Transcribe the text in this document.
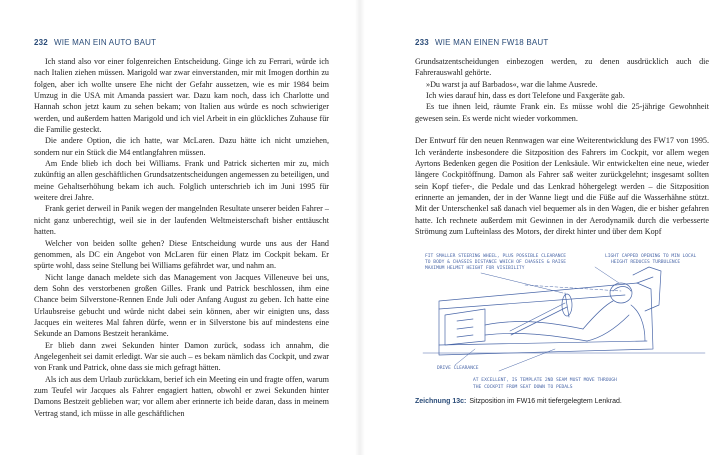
232 WIE MAN EIN AUTO BAUT

Ich stand also vor einer folgenreichen Entscheidung. Ginge ich zu Ferrari, würde ich nach Italien ziehen müssen. Marigold war zwar einverstanden, mir mit Imogen dorthin zu folgen, aber ich wollte unsere Ehe nicht der Gefahr aussetzen, wie es mir 1984 beim Umzug in die USA mit Amanda passiert war. Dazu kam noch, dass ich Charlotte und Hannah schon jetzt kaum zu sehen bekam; von Italien aus würde es noch schwieriger werden, und außerdem hatten Marigold und ich viel Arbeit in ein glückliches Zuhause für die Familie gesteckt.

Die andere Option, die ich hatte, war McLaren. Dazu hätte ich nicht umziehen, sondern nur ein Stück die M4 entlangfahren müssen.

Am Ende blieb ich doch bei Williams. Frank und Patrick sicherten mir zu, mich zukünftig an allen geschäftlichen Grundsatzentscheidungen angemessen zu beteiligen, und meine Gehaltserhöhung bekam ich auch. Folglich unterschrieb ich im Juni 1995 für weitere drei Jahre.

Frank geriet derweil in Panik wegen der mangelnden Resultate unserer beiden Fahrer – nicht ganz unberechtigt, weil sie in der laufenden Weltmeisterschaft bisher enttäuscht hatten.

Welcher von beiden sollte gehen? Diese Entscheidung wurde uns aus der Hand genommen, als DC ein Angebot von McLaren für einen Platz im Cockpit bekam. Er spürte wohl, dass seine Stellung bei Williams gefährdet war, und nahm an.

Nicht lange danach meldete sich das Management von Jacques Villeneuve bei uns, dem Sohn des verstorbenen großen Gilles. Frank und Patrick beschlossen, ihm eine Chance beim Silverstone-Rennen Ende Juli oder Anfang August zu geben. Ich hatte eine Urlaubsreise gebucht und würde nicht dabei sein können, aber wir einigten uns, dass Jacques ein weiteres Mal fahren dürfe, wenn er in Silverstone bis auf mindestens eine Sekunde an Damons Bestzeit herankäme.

Er blieb dann zwei Sekunden hinter Damon zurück, sodass ich annahm, die Angelegenheit sei damit erledigt. War sie auch – es bekam nämlich das Cockpit, und zwar von Frank und Patrick, ohne dass sie mich gefragt hätten.

Als ich aus dem Urlaub zurückkam, berief ich ein Meeting ein und fragte offen, warum zum Teufel wir Jacques als Fahrer engagiert hatten, obwohl er zwei Sekunden hinter Damons Bestzeit geblieben war; vor allem aber erinnerte ich beide daran, dass in meinem Vertrag stand, ich müsse in alle geschäftlichen

233 WIE MAN EINEN FW18 BAUT

Grundsatzentscheidungen einbezogen werden, zu denen ausdrücklich auch die Fahrerauswahl gehörte.

»Du warst ja auf Barbados«, war die lahme Ausrede.

Ich wies darauf hin, dass es dort Telefone und Faxgeräte gab.

Es tue ihnen leid, räumte Frank ein. Es müsse wohl die 25-jährige Gewohnheit gewesen sein. Es werde nicht wieder vorkommen.

Der Entwurf für den neuen Rennwagen war eine Weiterentwicklung des FW17 von 1995. Ich veränderte insbesondere die Sitzposition des Fahrers im Cockpit, vor allem wegen Ayrtons Bedenken gegen die Position der Lenksäule. Wir entwickelten eine neue, wieder längere Cockpitöffnung. Damon als Fahrer saß weiter zurückgelehnt; insgesamt sollten sein Kopf tiefer-, die Pedale und das Lenkrad höhergelegt werden – die Sitzposition erinnerte an jemanden, der in der Wanne liegt und die Füße auf die Wasserhähne stützt. Mit der Unterschenkel saß danach viel bequemer als in den Wagen, die er bisher gefahren hatte. Ich rechnete außerdem mit Gewinnen in der Aerodynamik durch die verbesserte Strömung zum Lufteinlass des Motors, der direkt hinter und über dem Kopf

FIT SMALLER STEERING WHEEL, PLUS POSSIBLE CLEARANCE
TO BODY & CHASSIS DISTANCE WHICH OF CHASSIS & RAISE
MAXIMUM HELMET HEIGHT FOR VISIBILITY
LIGHT CAPPED OPENING TO MIN LOCAL
HEIGHT REDUCES TURBULENCE
DRIVE CLEARANCE
AT EXCELLENT, IS TEMPLATE 2ND SEAM MUST MOVE THROUGH
THE COCKPIT FROM SEAT DOWN TO PEDALS
Zeichnung 13c: Sitzposition im FW16 mit tiefergelegtem Lenkrad.
